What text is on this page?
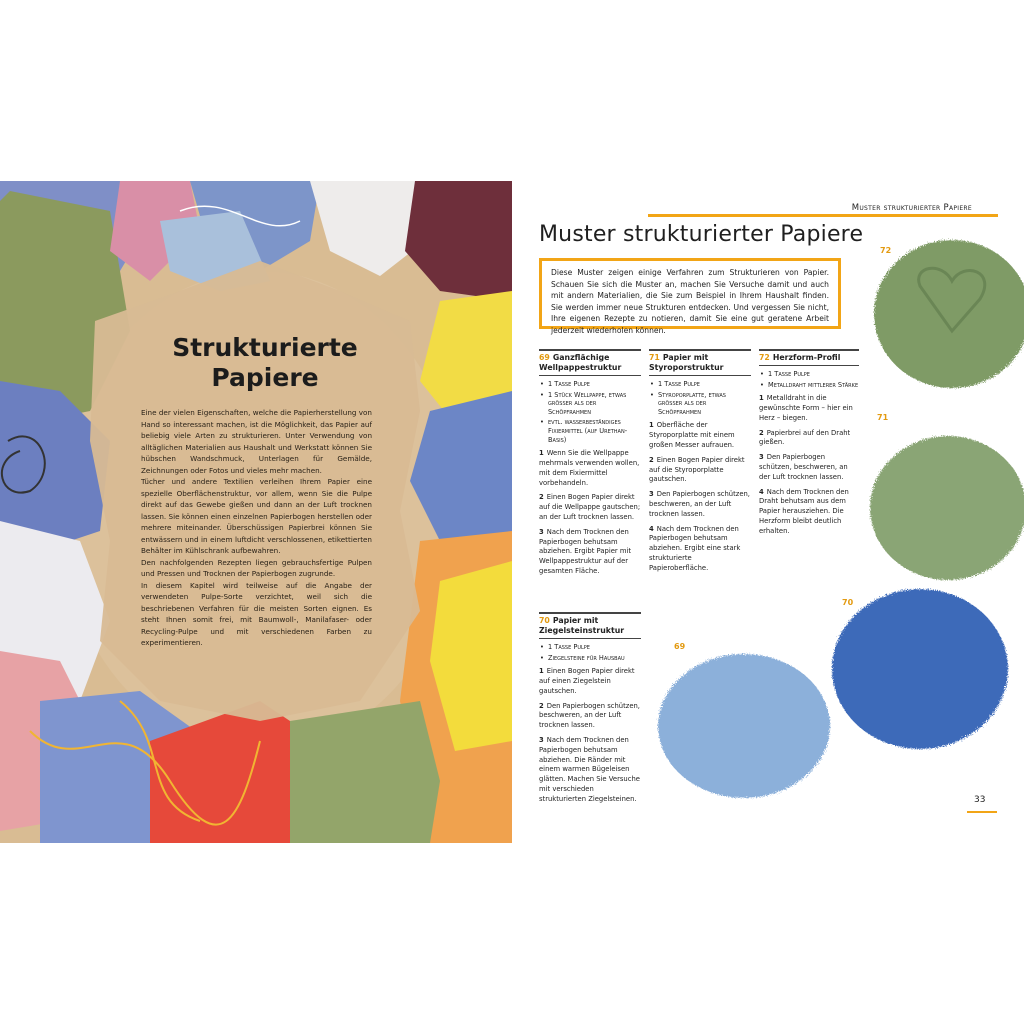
Strukturierte
Papiere

Eine der vielen Eigenschaften, welche die Papierherstellung von Hand so interessant machen, ist die Möglichkeit, das Papier auf beliebig viele Arten zu strukturieren. Unter Verwendung von alltäglichen Materialien aus Haushalt und Werkstatt können Sie hübschen Wandschmuck, Unterlagen für Gemälde, Zeichnungen oder Fotos und vieles mehr machen.

Tücher und andere Textilien verleihen Ihrem Papier eine spezielle Oberflächenstruktur, vor allem, wenn Sie die Pulpe direkt auf das Gewebe gießen und dann an der Luft trocknen lassen. Sie können einen einzelnen Papierbogen herstellen oder mehrere miteinander. Überschüssigen Papierbrei können Sie entwässern und in einem luftdicht verschlossenen, etikettierten Behälter im Kühlschrank aufbewahren.

Den nachfolgenden Rezepten liegen gebrauchsfertige Pulpen und Pressen und Trocknen der Papierbogen zugrunde.

In diesem Kapitel wird teilweise auf die Angabe der verwendeten Pulpe-Sorte verzichtet, weil sich die beschriebenen Verfahren für die meisten Sorten eignen. Es steht Ihnen somit frei, mit Baumwoll-, Manilafaser- oder Recycling-Pulpe und mit verschiedenen Farben zu experimentieren.

Muster strukturierter Papiere
Muster strukturierter Papiere
Diese Muster zeigen einige Verfahren zum Strukturieren von Papier. Schauen Sie sich die Muster an, machen Sie Versuche damit und auch mit andern Materialien, die Sie zum Beispiel in Ihrem Haushalt finden. Sie werden immer neue Strukturen entdecken. Und vergessen Sie nicht, Ihre eigenen Rezepte zu notieren, damit Sie eine gut geratene Arbeit jederzeit wiederholen können.
69 Ganzflächige Wellpappestruktur
• 1 Tasse Pulpe
• 1 Stück Wellpappe, etwas grösser als der Schöpfrahmen
• evtl. wasserbeständiges Fixiermittel (auf Urethan-Basis)
1 Wenn Sie die Wellpappe mehrmals verwenden wollen, mit dem Fixiermittel vorbehandeln.
2 Einen Bogen Papier direkt auf die Wellpappe gautschen; an der Luft trocknen lassen.
3 Nach dem Trocknen den Papierbogen behutsam abziehen. Ergibt Papier mit Wellpappestruktur auf der gesamten Fläche.
70 Papier mit Ziegelsteinstruktur
• 1 Tasse Pulpe
• Ziegelsteine für Hausbau
1 Einen Bogen Papier direkt auf einen Ziegelstein gautschen.
2 Den Papierbogen schützen, beschweren, an der Luft trocknen lassen.
3 Nach dem Trocknen den Papierbogen behutsam abziehen. Die Ränder mit einem warmen Bügeleisen glätten. Machen Sie Versuche mit verschieden strukturierten Ziegelsteinen.
71 Papier mit Styroporstruktur
• 1 Tasse Pulpe
• Styroporplatte, etwas grösser als der Schöpfrahmen
1 Oberfläche der Styroporplatte mit einem großen Messer aufrauen.
2 Einen Bogen Papier direkt auf die Styroporplatte gautschen.
3 Den Papierbogen schützen, beschweren, an der Luft trocknen lassen.
4 Nach dem Trocknen den Papierbogen behutsam abziehen. Ergibt eine stark strukturierte Papieroberfläche.
72 Herzform-Profil
• 1 Tasse Pulpe
• Metalldraht mittlerer Stärke
1 Metalldraht in die gewünschte Form – hier ein Herz – biegen.
2 Papierbrei auf den Draht gießen.
3 Den Papierbogen schützen, beschweren, an der Luft trocknen lassen.
4 Nach dem Trocknen den Draht behutsam aus dem Papier herausziehen. Die Herzform bleibt deutlich erhalten.
72
71
70
69
33
